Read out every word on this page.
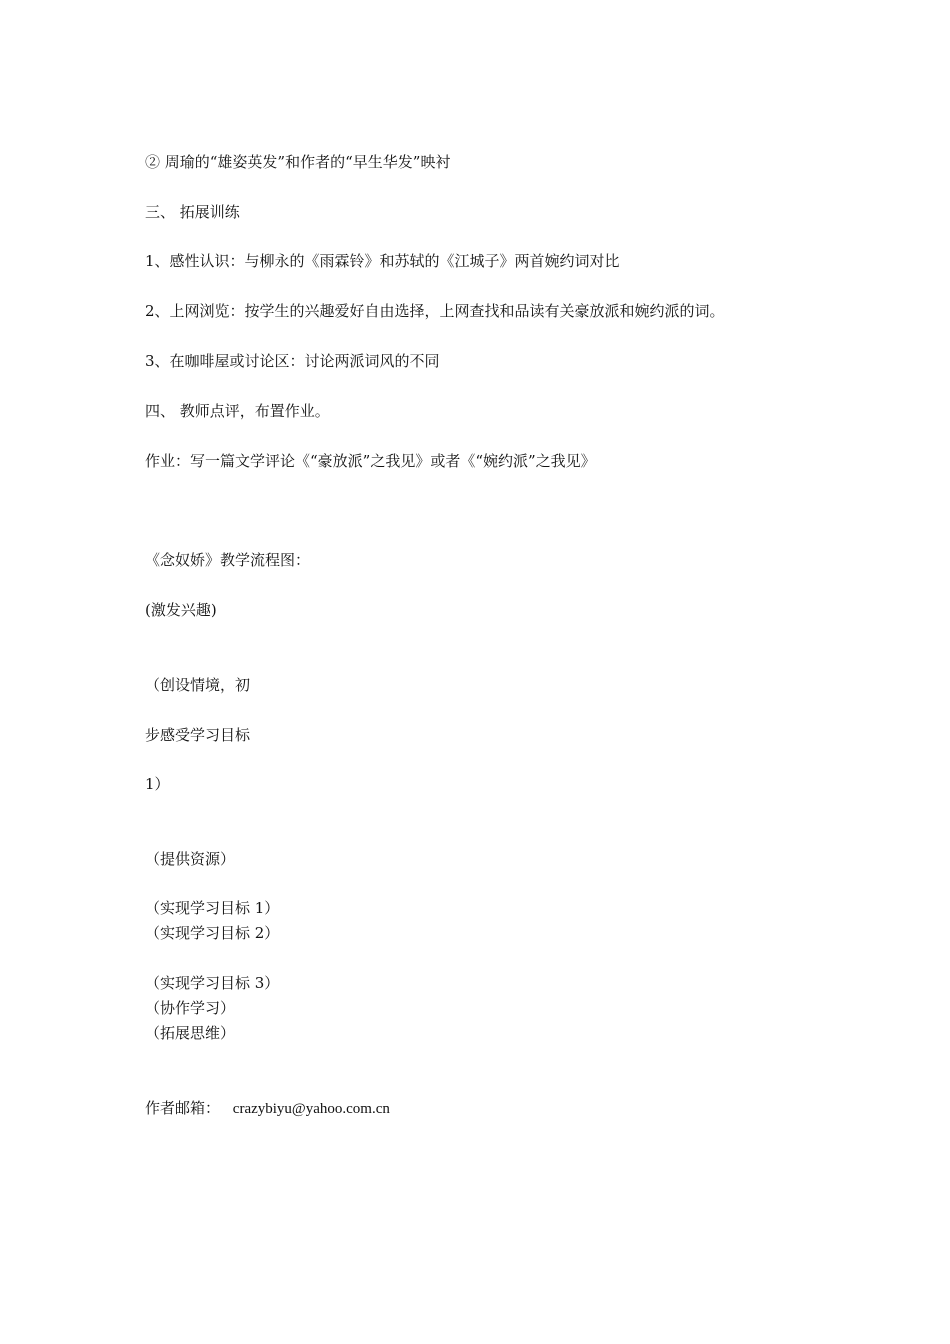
② 周瑜的“雄姿英发”和作者的“早生华发”映衬
三、 拓展训练
1、感性认识：与柳永的《雨霖铃》和苏轼的《江城子》两首婉约词对比
2、上网浏览：按学生的兴趣爱好自由选择，上网查找和品读有关豪放派和婉约派的词。
3、在咖啡屋或讨论区：讨论两派词风的不同
四、 教师点评，布置作业。
作业：写一篇文学评论《“豪放派”之我见》或者《“婉约派”之我见》
《念奴娇》教学流程图：
(激发兴趣)
（创设情境，初
步感受学习目标
1）
（提供资源）
（实现学习目标 1）
（实现学习目标 2）
（实现学习目标 3）
（协作学习）
（拓展思维）
作者邮箱： crazybiyu@yahoo.com.cn
